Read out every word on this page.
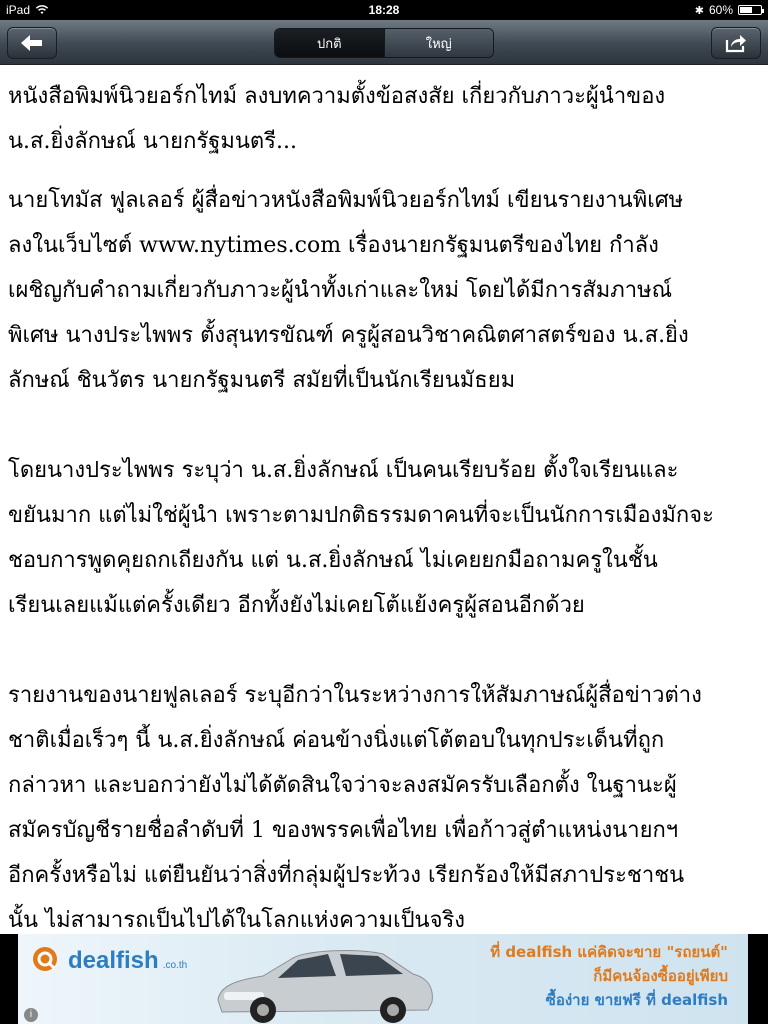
iPad	18:28	✱ 60%
ปกติ	ใหญ่

หนังสือพิมพ์นิวยอร์กไทม์ ลงบทความตั้งข้อสงสัย เกี่ยวกับภาวะผู้นำของ

น.ส.ยิ่งลักษณ์ นายกรัฐมนตรี...

นายโทมัส ฟูลเลอร์ ผู้สื่อข่าวหนังสือพิมพ์นิวยอร์กไทม์ เขียนรายงานพิเศษ

ลงในเว็บไซต์ www.nytimes.com เรื่องนายกรัฐมนตรีของไทย กำลัง

เผชิญกับคำถามเกี่ยวกับภาวะผู้นำทั้งเก่าและใหม่ โดยได้มีการสัมภาษณ์

พิเศษ นางประไพพร ตั้งสุนทรขัณฑ์ ครูผู้สอนวิชาคณิตศาสตร์ของ น.ส.ยิ่ง

ลักษณ์ ชินวัตร นายกรัฐมนตรี สมัยที่เป็นนักเรียนมัธยม

โดยนางประไพพร ระบุว่า น.ส.ยิ่งลักษณ์ เป็นคนเรียบร้อย ตั้งใจเรียนและ

ขยันมาก แต่ไม่ใช่ผู้นำ เพราะตามปกติธรรมดาคนที่จะเป็นนักการเมืองมักจะ

ชอบการพูดคุยถกเถียงกัน แต่ น.ส.ยิ่งลักษณ์ ไม่เคยยกมือถามครูในชั้น

เรียนเลยแม้แต่ครั้งเดียว อีกทั้งยังไม่เคยโต้แย้งครูผู้สอนอีกด้วย

รายงานของนายฟูลเลอร์ ระบุอีกว่าในระหว่างการให้สัมภาษณ์ผู้สื่อข่าวต่าง

ชาติเมื่อเร็วๆ นี้ น.ส.ยิ่งลักษณ์ ค่อนข้างนิ่งแต่โต้ตอบในทุกประเด็นที่ถูก

กล่าวหา และบอกว่ายังไม่ได้ตัดสินใจว่าจะลงสมัครรับเลือกตั้ง ในฐานะผู้

สมัครบัญชีรายชื่อลำดับที่ 1 ของพรรคเพื่อไทย เพื่อก้าวสู่ตำแหน่งนายกฯ

อีกครั้งหรือไม่ แต่ยืนยันว่าสิ่งที่กลุ่มผู้ประท้วง เรียกร้องให้มีสภาประชาชน

นั้น ไม่สามารถเป็นไปได้ในโลกแห่งความเป็นจริง

dealfish .co.th
ที่ dealfish แค่คิดจะขาย "รถยนต์"
ก็มีคนจ้องซื้ออยู่เพียบ
ซื้อง่าย ขายฟรี ที่ dealfish
i
